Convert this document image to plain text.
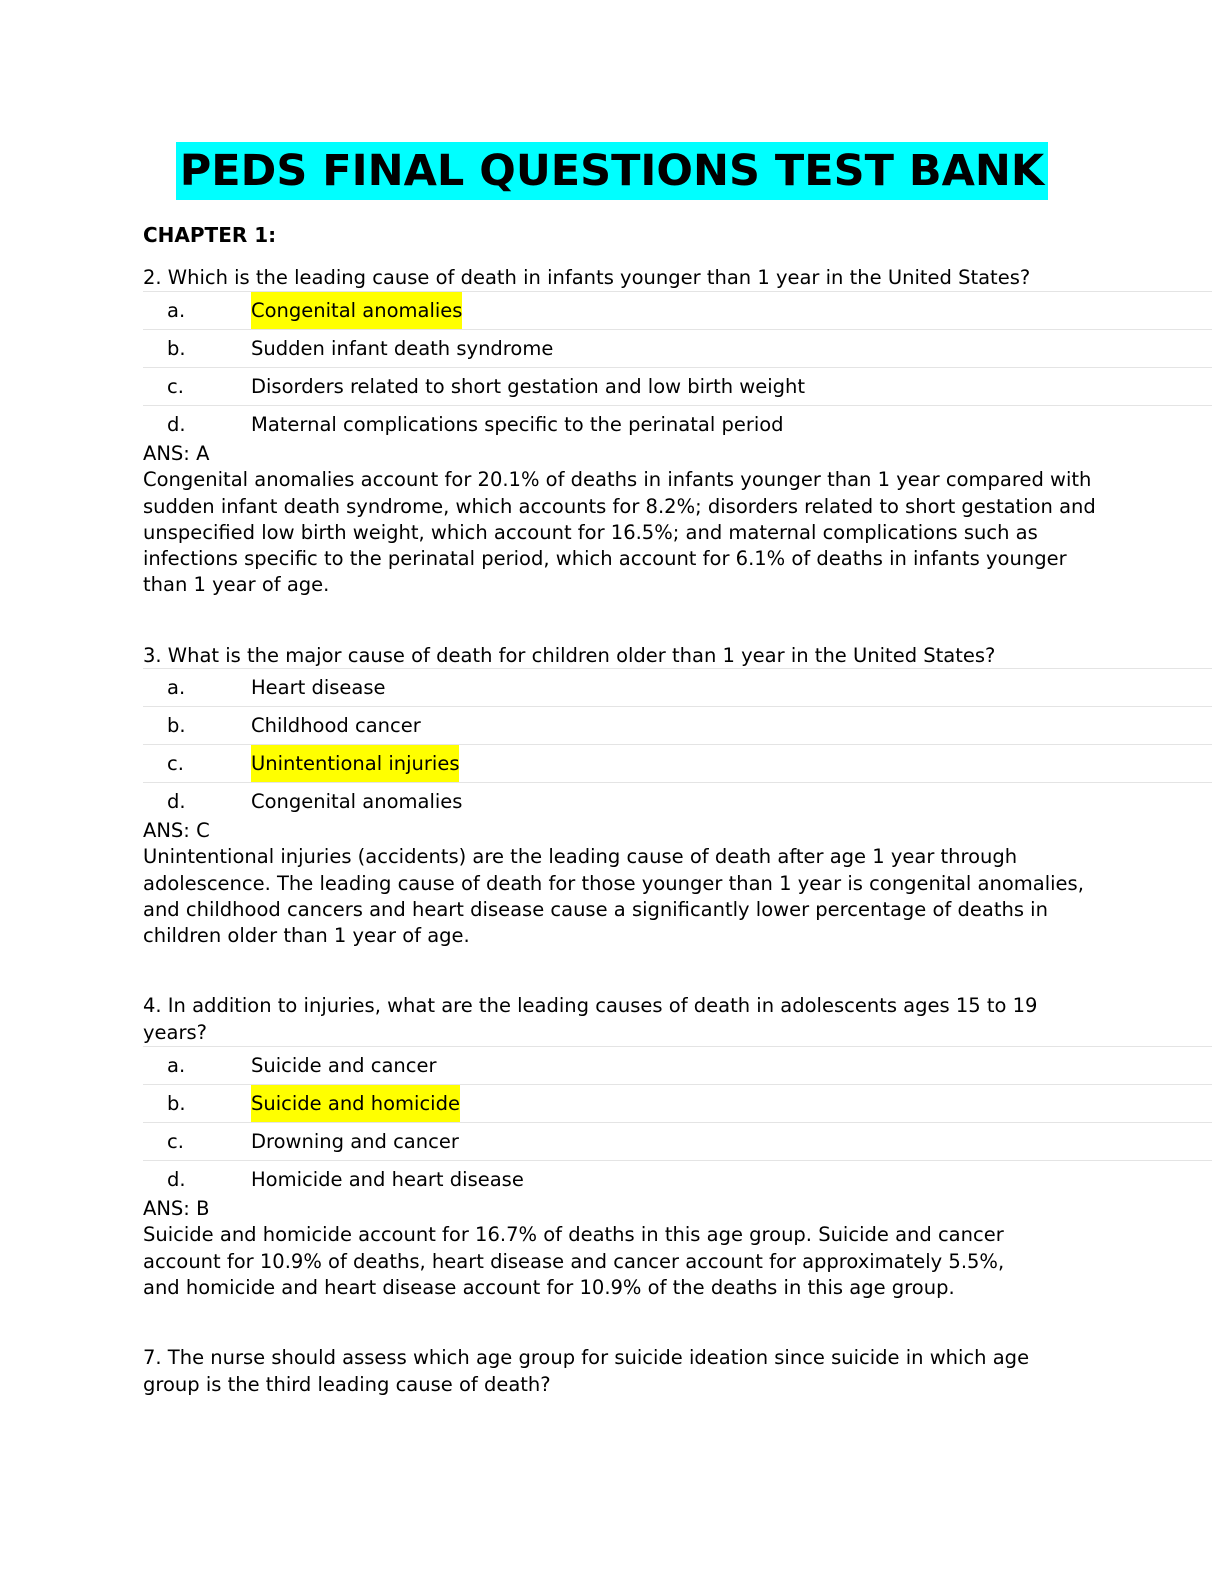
PEDS FINAL QUESTIONS TEST BANK
CHAPTER 1:
2. Which is the leading cause of death in infants younger than 1 year in the United States?
a.	Congenital anomalies
b.	Sudden infant death syndrome
c.	Disorders related to short gestation and low birth weight
d.	Maternal complications specific to the perinatal period
ANS: A
Congenital anomalies account for 20.1% of deaths in infants younger than 1 year compared with sudden infant death syndrome, which accounts for 8.2%; disorders related to short gestation and unspecified low birth weight, which account for 16.5%; and maternal complications such as infections specific to the perinatal period, which account for 6.1% of deaths in infants younger than 1 year of age.
3. What is the major cause of death for children older than 1 year in the United States?
a.	Heart disease
b.	Childhood cancer
c.	Unintentional injuries
d.	Congenital anomalies
ANS: C
Unintentional injuries (accidents) are the leading cause of death after age 1 year through adolescence. The leading cause of death for those younger than 1 year is congenital anomalies, and childhood cancers and heart disease cause a significantly lower percentage of deaths in children older than 1 year of age.
4. In addition to injuries, what are the leading causes of death in adolescents ages 15 to 19 years?
a.	Suicide and cancer
b.	Suicide and homicide
c.	Drowning and cancer
d.	Homicide and heart disease
ANS: B
Suicide and homicide account for 16.7% of deaths in this age group. Suicide and cancer account for 10.9% of deaths, heart disease and cancer account for approximately 5.5%, and homicide and heart disease account for 10.9% of the deaths in this age group.
7. The nurse should assess which age group for suicide ideation since suicide in which age group is the third leading cause of death?
